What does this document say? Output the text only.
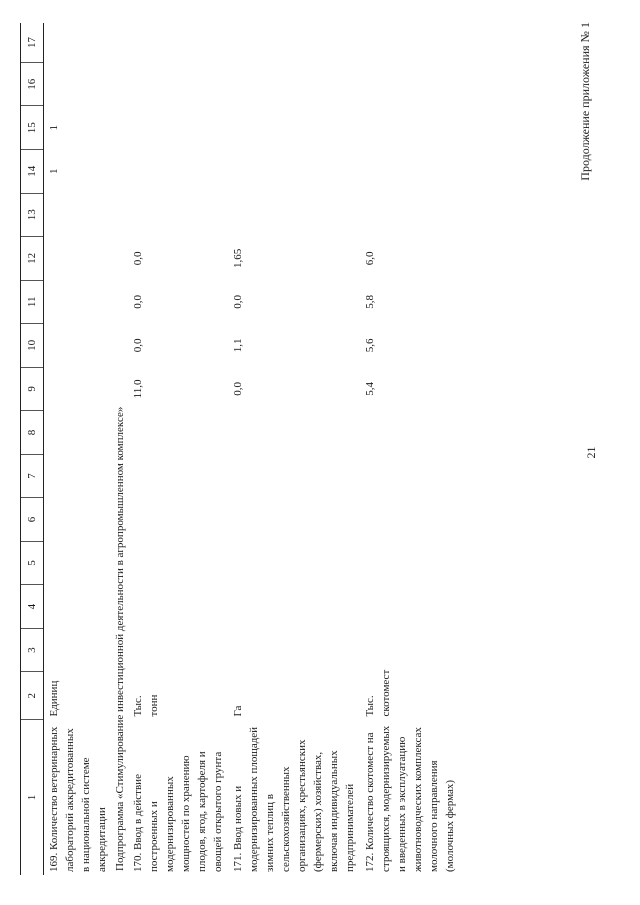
21
Продолжение приложения № 1
1	2	3	4	5	6	7	8	9	10	11	12	13	14	15	16	17
169. Количество ветеринарных лабораторий аккредитованных в национальной системе аккредитации	Единиц												1	1		
Подпрограмма «Стимулирование инвестиционной деятельности в агропромышленном комплексе»																
170. Ввод в действие построенных и модернизированных мощностей по хранению плодов, ягод, картофеля и овощей открытого грунта	Тыс. тонн							11,0	0,0	0,0	0,0					
171. Ввод новых и модернизированных площадей зимних теплиц в сельскохозяйственных организациях, крестьянских (фермерских) хозяйствах, включая индивидуальных предпринимателей	Га							0,0	1,1	0,0	1,65					
172. Количество скотомест на строящихся, модернизируемых и введенных в эксплуатацию животноводческих комплексах молочного направления (молочных фермах)	Тыс. скотомест							5,4	5,6	5,8	6,0					
